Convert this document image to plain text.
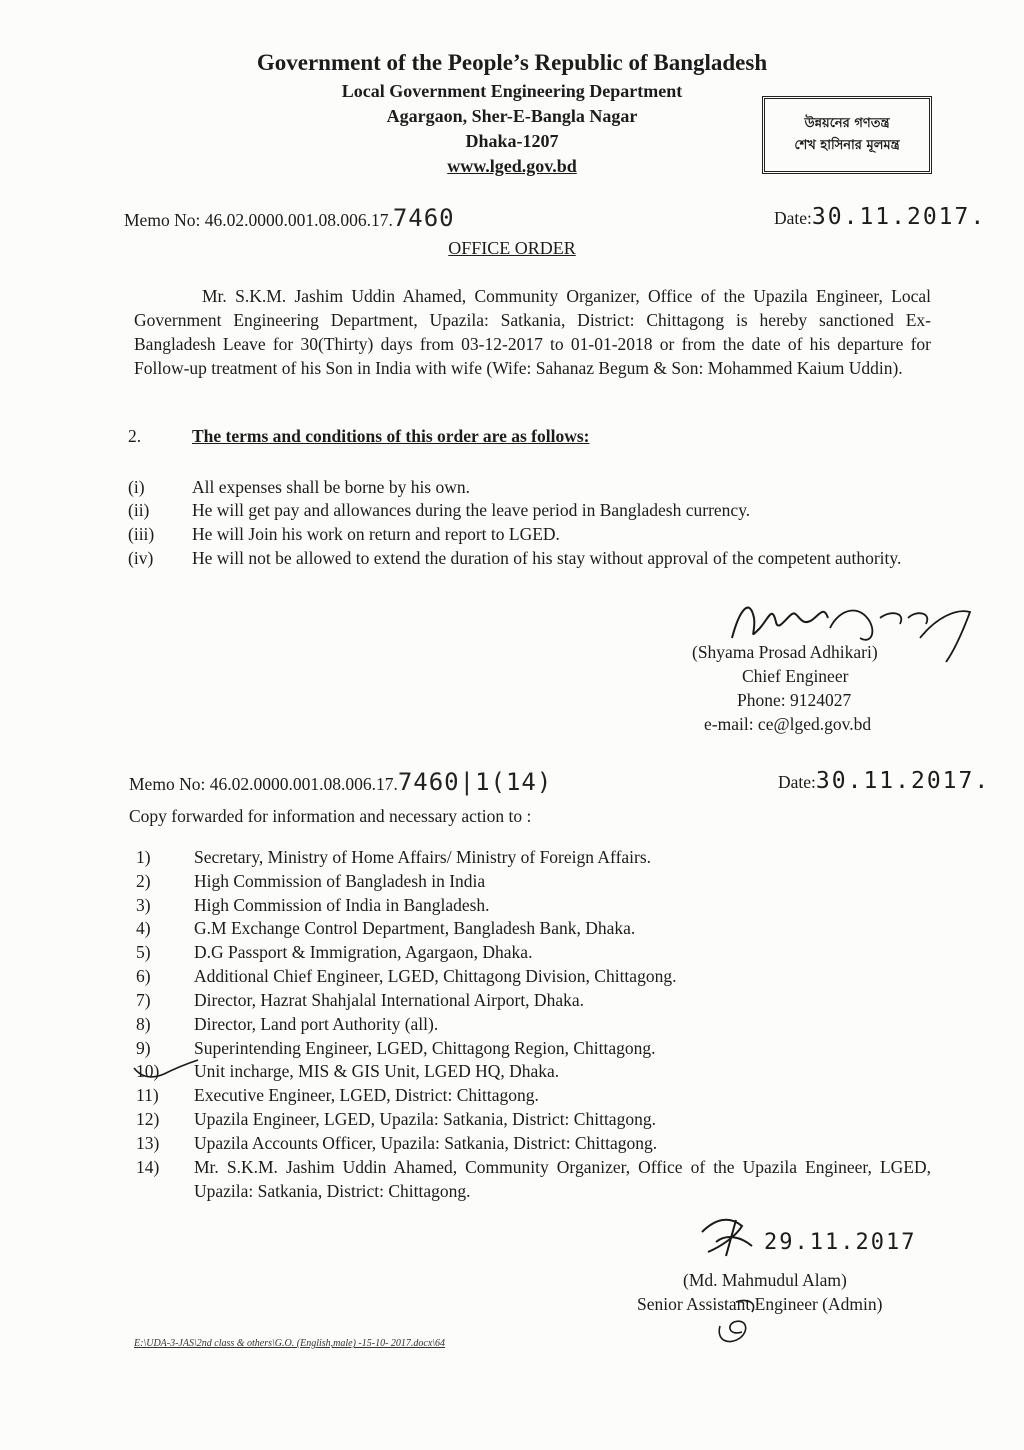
Government of the People’s Republic of Bangladesh
Local Government Engineering Department
Agargaon, Sher-E-Bangla Nagar
Dhaka-1207
www.lged.gov.bd
উন্নয়নের গণতন্ত্র
শেখ হাসিনার মূলমন্ত্র
Memo No: 46.02.0000.001.08.006.17.7460	Date:30.11.2017.
OFFICE ORDER
Mr. S.K.M. Jashim Uddin Ahamed, Community Organizer, Office of the Upazila Engineer, Local Government Engineering Department, Upazila: Satkania, District: Chittagong is hereby sanctioned Ex-Bangladesh Leave for 30(Thirty) days from 03-12-2017 to 01-01-2018 or from the date of his departure for Follow-up treatment of his Son in India with wife (Wife: Sahanaz Begum & Son: Mohammed Kaium Uddin).
2.	The terms and conditions of this order are as follows:
(i)	All expenses shall be borne by his own.
(ii) He will get pay and allowances during the leave period in Bangladesh currency.
(iii) He will Join his work on return and report to LGED.
(iv) He will not be allowed to extend the duration of his stay without approval of the competent authority.
(Shyama Prosad Adhikari)
Chief Engineer
Phone: 9124027
e-mail: ce@lged.gov.bd
Memo No: 46.02.0000.001.08.006.17.7460|1(14)	Date:30.11.2017.
Copy forwarded for information and necessary action to :
1) Secretary, Ministry of Home Affairs/ Ministry of Foreign Affairs.
2) High Commission of Bangladesh in India
3) High Commission of India in Bangladesh.
4) G.M Exchange Control Department, Bangladesh Bank, Dhaka.
5) D.G Passport & Immigration, Agargaon, Dhaka.
6) Additional Chief Engineer, LGED, Chittagong Division, Chittagong.
7) Director, Hazrat Shahjalal International Airport, Dhaka.
8) Director, Land port Authority (all).
9) Superintending Engineer, LGED, Chittagong Region, Chittagong.
10) Unit incharge, MIS & GIS Unit, LGED HQ, Dhaka.
11) Executive Engineer, LGED, District: Chittagong.
12) Upazila Engineer, LGED, Upazila: Satkania, District: Chittagong.
13) Upazila Accounts Officer, Upazila: Satkania, District: Chittagong.
14) Mr. S.K.M. Jashim Uddin Ahamed, Community Organizer, Office of the Upazila Engineer, LGED, Upazila: Satkania, District: Chittagong.
29.11.2017
(Md. Mahmudul Alam)
Senior Assistant Engineer (Admin)
E:\UDA-3-JAS\2nd class & others\G.O. (English,male) -15-10- 2017.docx\64
